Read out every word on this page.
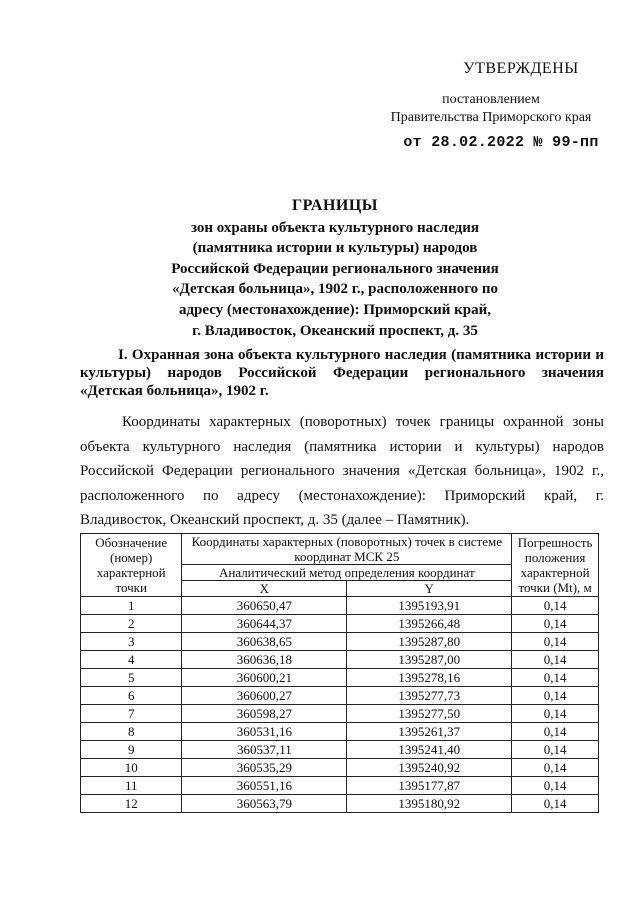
УТВЕРЖДЕНЫ
постановлением
Правительства Приморского края
от 28.02.2022 № 99-пп
ГРАНИЦЫ
зон охраны объекта культурного наследия
(памятника истории и культуры) народов
Российской Федерации регионального значения
«Детская больница», 1902 г., расположенного по
адресу (местонахождение): Приморский край,
г. Владивосток, Океанский проспект, д. 35
I. Охранная зона объекта культурного наследия (памятника истории и культуры) народов Российской Федерации регионального значения «Детская больница», 1902 г.
Координаты характерных (поворотных) точек границы охранной зоны объекта культурного наследия (памятника истории и культуры) народов Российской Федерации регионального значения «Детская больница», 1902 г., расположенного по адресу (местонахождение): Приморский край, г. Владивосток, Океанский проспект, д. 35 (далее – Памятник).
Обозначение (номер) характерной точки	Координаты характерных (поворотных) точек в системе координат МСК 25		Погрешность положения характерной точки (Mt), м
	Аналитический метод определения координат		
	X	Y	
1	360650,47	1395193,91	0,14
2	360644,37	1395266,48	0,14
3	360638,65	1395287,80	0,14
4	360636,18	1395287,00	0,14
5	360600,21	1395278,16	0,14
6	360600,27	1395277,73	0,14
7	360598,27	1395277,50	0,14
8	360531,16	1395261,37	0,14
9	360537,11	1395241,40	0,14
10	360535,29	1395240,92	0,14
11	360551,16	1395177,87	0,14
12	360563,79	1395180,92	0,14
